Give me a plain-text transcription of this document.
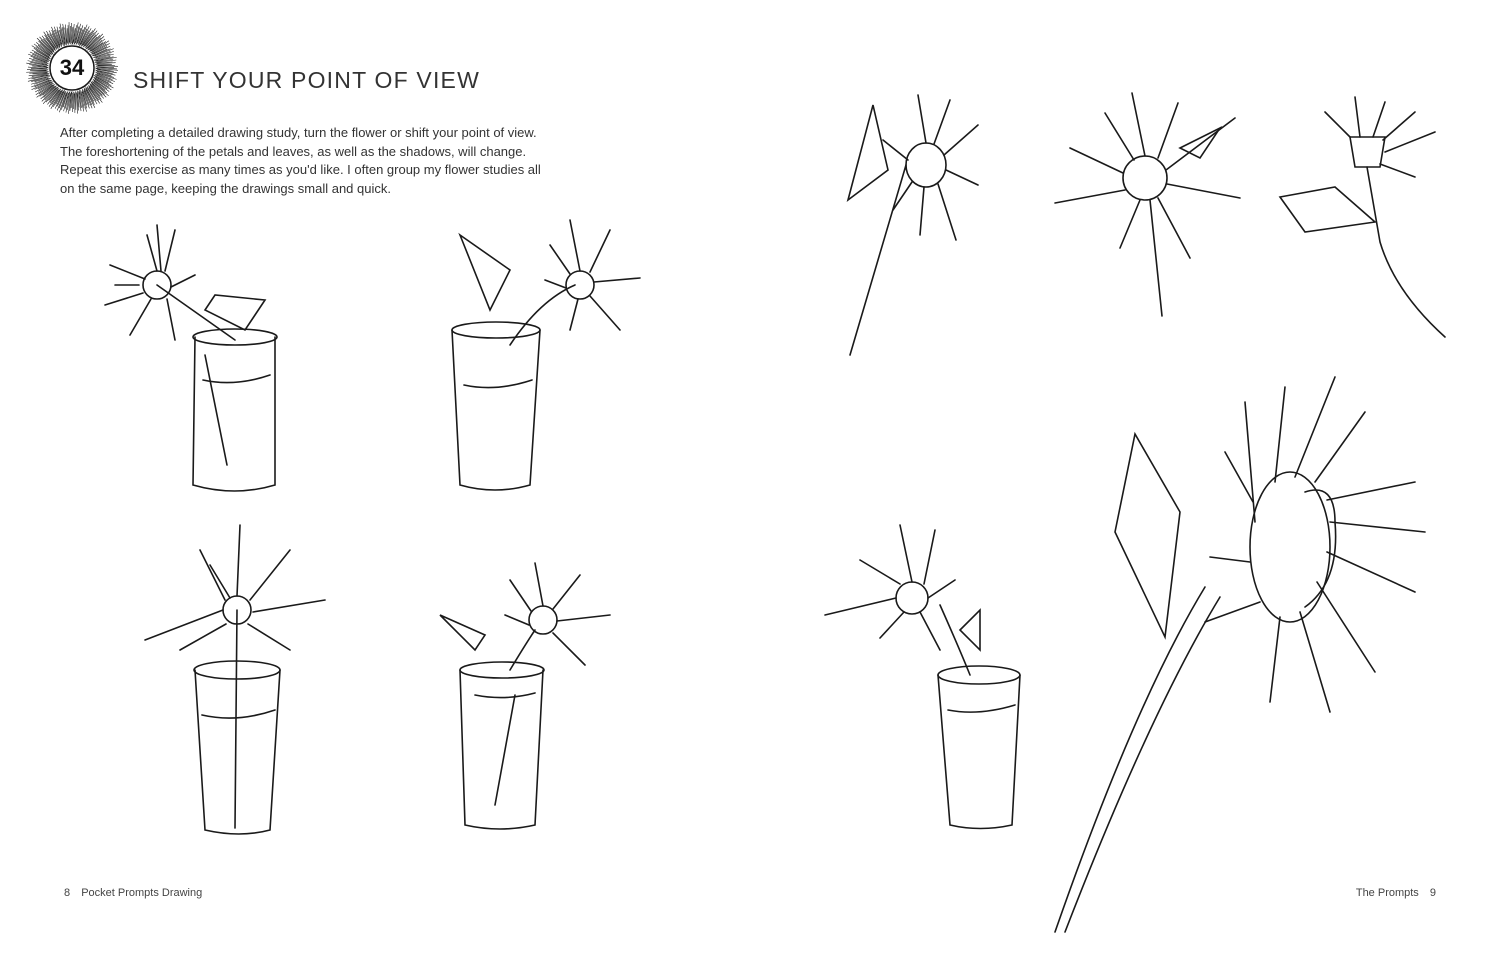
34	SHIFT YOUR POINT OF VIEW
After completing a detailed drawing study, turn the flower or shift your point of view.
The foreshortening of the petals and leaves, as well as the shadows, will change.
Repeat this exercise as many times as you'd like. I often group my flower studies all
on the same page, keeping the drawings small and quick.
8 Pocket Prompts Drawing	The Prompts 9
